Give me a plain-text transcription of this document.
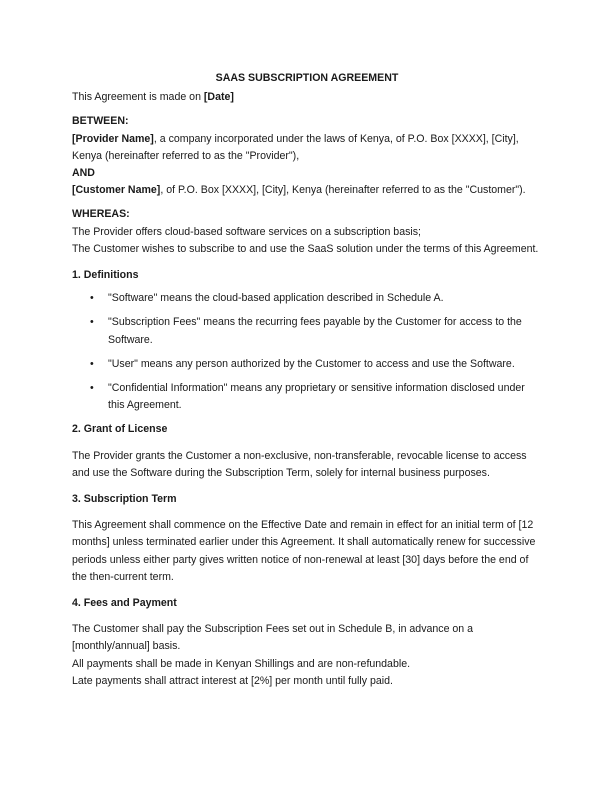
SAAS SUBSCRIPTION AGREEMENT

This Agreement is made on [Date]

BETWEEN:

[Provider Name], a company incorporated under the laws of Kenya, of P.O. Box [XXXX], [City], Kenya (hereinafter referred to as the "Provider"),

AND

[Customer Name], of P.O. Box [XXXX], [City], Kenya (hereinafter referred to as the "Customer").

WHEREAS:

The Provider offers cloud-based software services on a subscription basis;

The Customer wishes to subscribe to and use the SaaS solution under the terms of this Agreement.

1. Definitions

• "Software" means the cloud-based application described in Schedule A.
• "Subscription Fees" means the recurring fees payable by the Customer for access to the Software.
• "User" means any person authorized by the Customer to access and use the Software.
• "Confidential Information" means any proprietary or sensitive information disclosed under this Agreement.

2. Grant of License

The Provider grants the Customer a non-exclusive, non-transferable, revocable license to access and use the Software during the Subscription Term, solely for internal business purposes.

3. Subscription Term

This Agreement shall commence on the Effective Date and remain in effect for an initial term of [12 months] unless terminated earlier under this Agreement. It shall automatically renew for successive periods unless either party gives written notice of non-renewal at least [30] days before the end of the then-current term.

4. Fees and Payment

The Customer shall pay the Subscription Fees set out in Schedule B, in advance on a [monthly/annual] basis.

All payments shall be made in Kenyan Shillings and are non-refundable.

Late payments shall attract interest at [2%] per month until fully paid.
